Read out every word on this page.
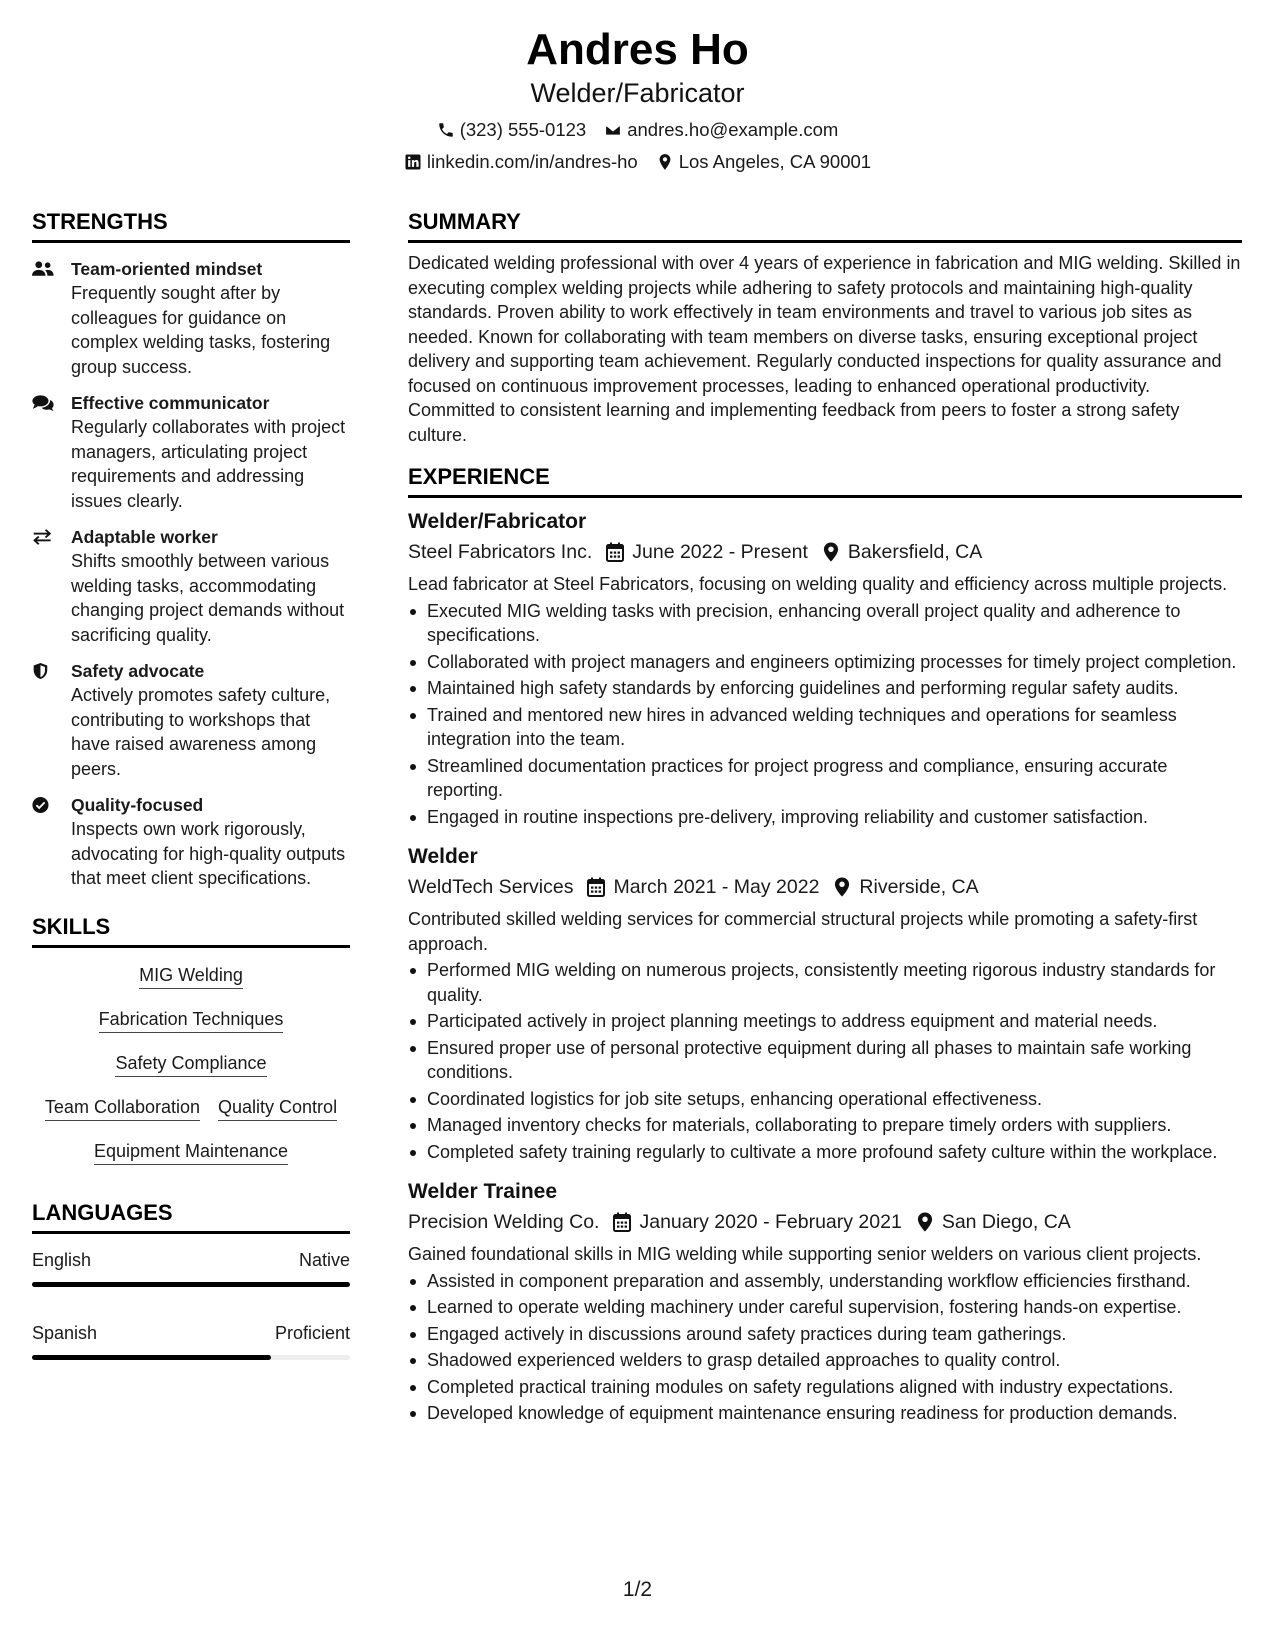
Andres Ho
Welder/Fabricator
(323) 555-0123 andres.ho@example.com
linkedin.com/in/andres-ho Los Angeles, CA 90001
STRENGTHS
Team-oriented mindset
Frequently sought after by colleagues for guidance on complex welding tasks, fostering group success.
Effective communicator
Regularly collaborates with project managers, articulating project requirements and addressing issues clearly.
Adaptable worker
Shifts smoothly between various welding tasks, accommodating changing project demands without sacrificing quality.
Safety advocate
Actively promotes safety culture, contributing to workshops that have raised awareness among peers.
Quality-focused
Inspects own work rigorously, advocating for high-quality outputs that meet client specifications.
SKILLS
MIG Welding
Fabrication Techniques
Safety Compliance
Team Collaboration Quality Control
Equipment Maintenance
LANGUAGES
English	Native
Spanish	Proficient
SUMMARY
Dedicated welding professional with over 4 years of experience in fabrication and MIG welding. Skilled in executing complex welding projects while adhering to safety protocols and maintaining high-quality standards. Proven ability to work effectively in team environments and travel to various job sites as needed. Known for collaborating with team members on diverse tasks, ensuring exceptional project delivery and supporting team achievement. Regularly conducted inspections for quality assurance and focused on continuous improvement processes, leading to enhanced operational productivity. Committed to consistent learning and implementing feedback from peers to foster a strong safety culture.
EXPERIENCE
Welder/Fabricator
Steel Fabricators Inc. June 2022 - Present Bakersfield, CA
Lead fabricator at Steel Fabricators, focusing on welding quality and efficiency across multiple projects.
Executed MIG welding tasks with precision, enhancing overall project quality and adherence to specifications.
Collaborated with project managers and engineers optimizing processes for timely project completion.
Maintained high safety standards by enforcing guidelines and performing regular safety audits.
Trained and mentored new hires in advanced welding techniques and operations for seamless integration into the team.
Streamlined documentation practices for project progress and compliance, ensuring accurate reporting.
Engaged in routine inspections pre-delivery, improving reliability and customer satisfaction.
Welder
WeldTech Services March 2021 - May 2022 Riverside, CA
Contributed skilled welding services for commercial structural projects while promoting a safety-first approach.
Performed MIG welding on numerous projects, consistently meeting rigorous industry standards for quality.
Participated actively in project planning meetings to address equipment and material needs.
Ensured proper use of personal protective equipment during all phases to maintain safe working conditions.
Coordinated logistics for job site setups, enhancing operational effectiveness.
Managed inventory checks for materials, collaborating to prepare timely orders with suppliers.
Completed safety training regularly to cultivate a more profound safety culture within the workplace.
Welder Trainee
Precision Welding Co. January 2020 - February 2021 San Diego, CA
Gained foundational skills in MIG welding while supporting senior welders on various client projects.
Assisted in component preparation and assembly, understanding workflow efficiencies firsthand.
Learned to operate welding machinery under careful supervision, fostering hands-on expertise.
Engaged actively in discussions around safety practices during team gatherings.
Shadowed experienced welders to grasp detailed approaches to quality control.
Completed practical training modules on safety regulations aligned with industry expectations.
Developed knowledge of equipment maintenance ensuring readiness for production demands.
1/2
